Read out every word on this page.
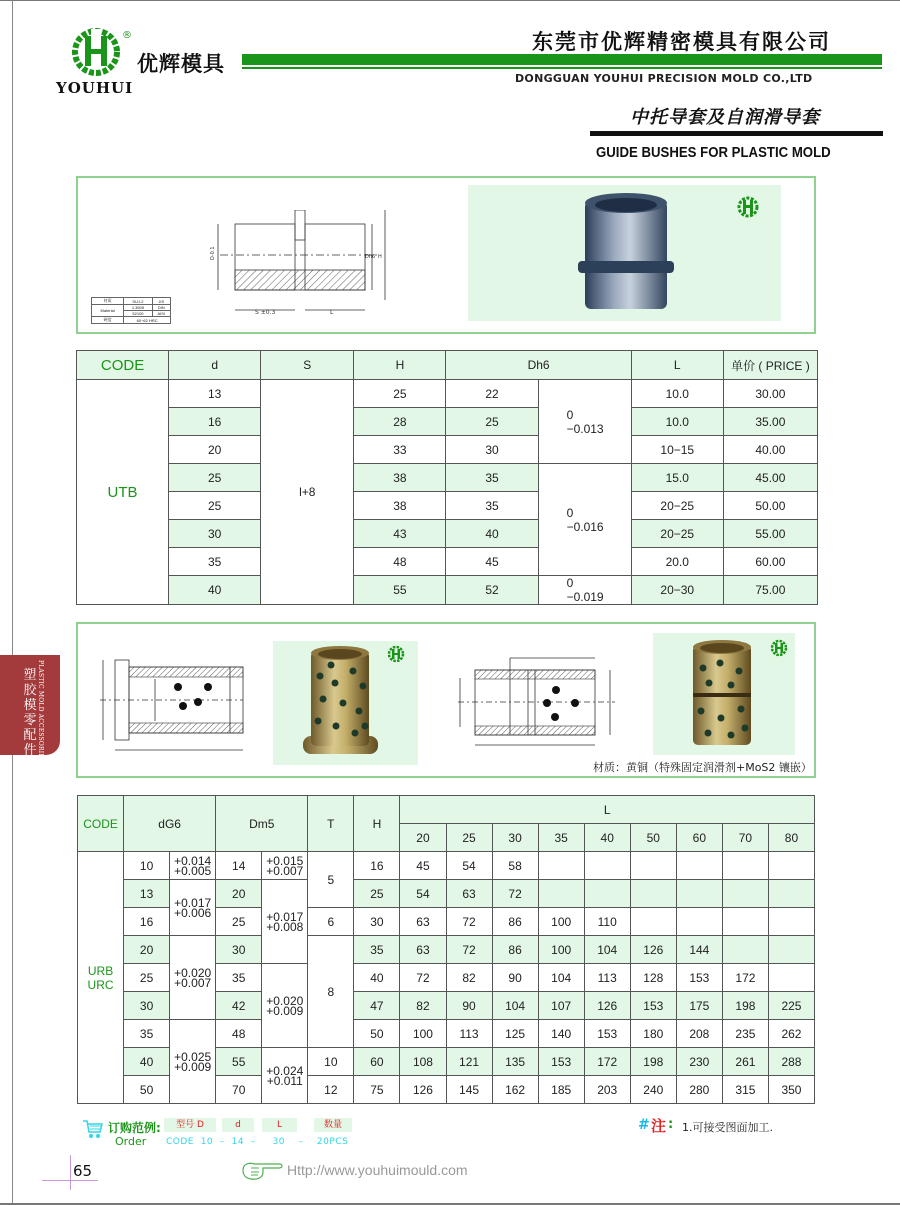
®
YOUHUI
优辉模具
东莞市优辉精密模具有限公司
DONGGUAN YOUHUI PRECISION MOLD CO.,LTD
中托导套及自润滑导套
GUIDE BUSHES FOR PLASTIC MOLD
D-0.1	Dh6 H
S ±0.3	L
材质	SUJ-2	JIS
Material	1.3505	DIN
	52100	AISI
硬度	60~62 HRC	
CODE	d	S	H	Dh6		L	单价 ( PRICE )
UTB	13	l+8	25	22	0
−0.013	10.0	30.00
	16		28	25		10.0	35.00
	20		33	30		10−15	40.00
	25		38	35	0
−0.016	15.0	45.00
	25		38	35		20−25	50.00
	30		43	40		20−25	55.00
	35		48	45		20.0	60.00
	40		55	52	0
−0.019	20−30	75.00
塑胶模零配件 PLASTIC MOLD ACCESSORIES
材质：黄铜（特殊固定润滑剂+MoS2 镶嵌）
CODE	dG6		Dm5		T	H	L								
							20	25	30	35	40	50	60	70	80
URB
URC	10	+0.014
+0.005	14	+0.015
+0.007	5	16	45	54	58						
	13	+0.017
+0.006	20	+0.017
+0.008		25	54	63	72						
	16		25		6	30	63	72	86	100	110				
	20	+0.020
+0.007	30		8	35	63	72	86	100	104	126	144		
	25		35	+0.020
+0.009		40	72	82	90	104	113	128	153	172	
	30		42			47	82	90	104	107	126	153	175	198	225
	35	+0.025
+0.009	48			50	100	113	125	140	153	180	208	235	262
	40		55	+0.024
+0.011	10	60	108	121	135	153	172	198	230	261	288
	50		70		12	75	126	145	162	185	203	240	280	315	350
订购范例:
Order
型号 D	d	L	数量
CODE  10  –  14  –     30    –    20PCS
# 注 : 1.可接受图面加工.
65	Http://www.youhuimould.com
